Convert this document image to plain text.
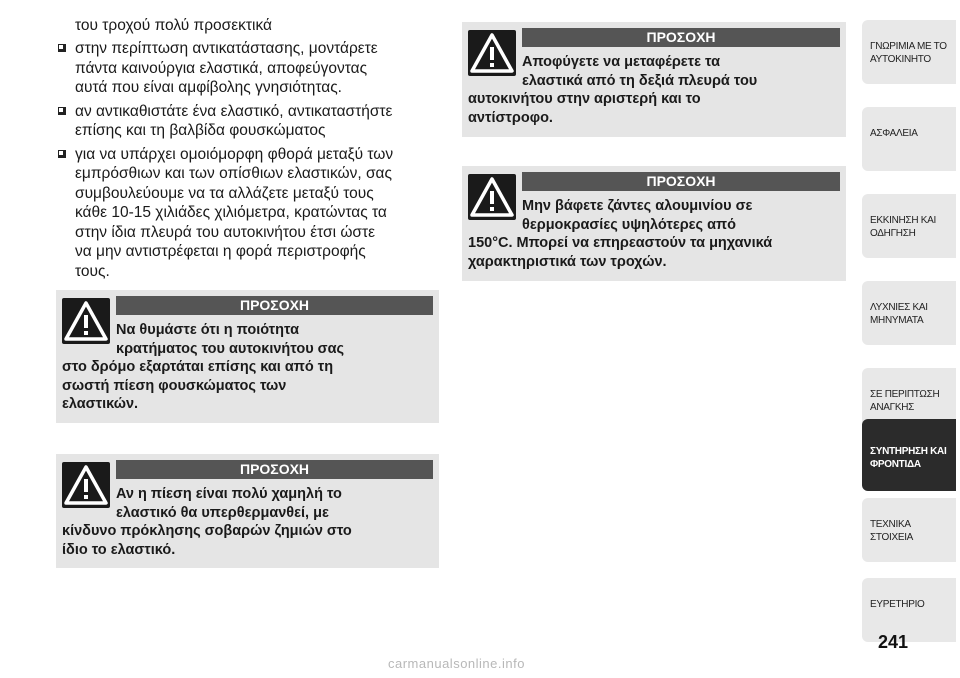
του τροχού πολύ προσεκτικά

στην περίπτωση αντικατάστασης, μοντάρετε
πάντα καινούργια ελαστικά, αποφεύγοντας
αυτά που είναι αμφίβολης γνησιότητας.
αν αντικαθιστάτε ένα ελαστικό, αντικαταστήστε
επίσης και τη βαλβίδα φουσκώματος
για να υπάρχει ομοιόμορφη φθορά μεταξύ των
εμπρόσθιων και των οπίσθιων ελαστικών, σας
συμβουλεύουμε να τα αλλάζετε μεταξύ τους
κάθε 10-15 χιλιάδες χιλιόμετρα, κρατώντας τα
στην ίδια πλευρά του αυτοκινήτου έτσι ώστε
να μην αντιστρέφεται η φορά περιστροφής
τους.
ΠΡΟΣΟΧΗ
Να θυμάστε ότι η ποιότητα
κρατήματος του αυτοκινήτου σας
στο δρόμο εξαρτάται επίσης και από τη
σωστή πίεση φουσκώματος των
ελαστικών.
ΠΡΟΣΟΧΗ
Αν η πίεση είναι πολύ χαμηλή το
ελαστικό θα υπερθερμανθεί, με
κίνδυνο πρόκλησης σοβαρών ζημιών στο
ίδιο το ελαστικό.
ΠΡΟΣΟΧΗ
Αποφύγετε να μεταφέρετε τα
ελαστικά από τη δεξιά πλευρά του
αυτοκινήτου στην αριστερή και το
αντίστροφο.
ΠΡΟΣΟΧΗ
Μην βάφετε ζάντες αλουμινίου σε
θερμοκρασίες υψηλότερες από
150°C. Μπορεί να επηρεαστούν τα μηχανικά
χαρακτηριστικά των τροχών.
ΓΝΩΡΙΜΙΑ ΜΕ ΤΟ
ΑΥΤΟΚΙΝΗΤΟ
ΑΣΦΑΛΕΙΑ
ΕΚΚΙΝΗΣΗ ΚΑΙ
ΟΔΗΓΗΣΗ
ΛΥΧΝΙΕΣ ΚΑΙ
ΜΗΝΥΜΑΤΑ
ΣΕ ΠΕΡΙΠΤΩΣΗ
ΑΝΑΓΚΗΣ
ΣΥΝΤΗΡΗΣΗ ΚΑΙ
ΦΡΟΝΤΙΔΑ
ΤΕΧΝΙΚΑ ΣΤΟΙΧΕΙΑ
ΕΥΡΕΤΗΡΙΟ
241
carmanualsonline.info
